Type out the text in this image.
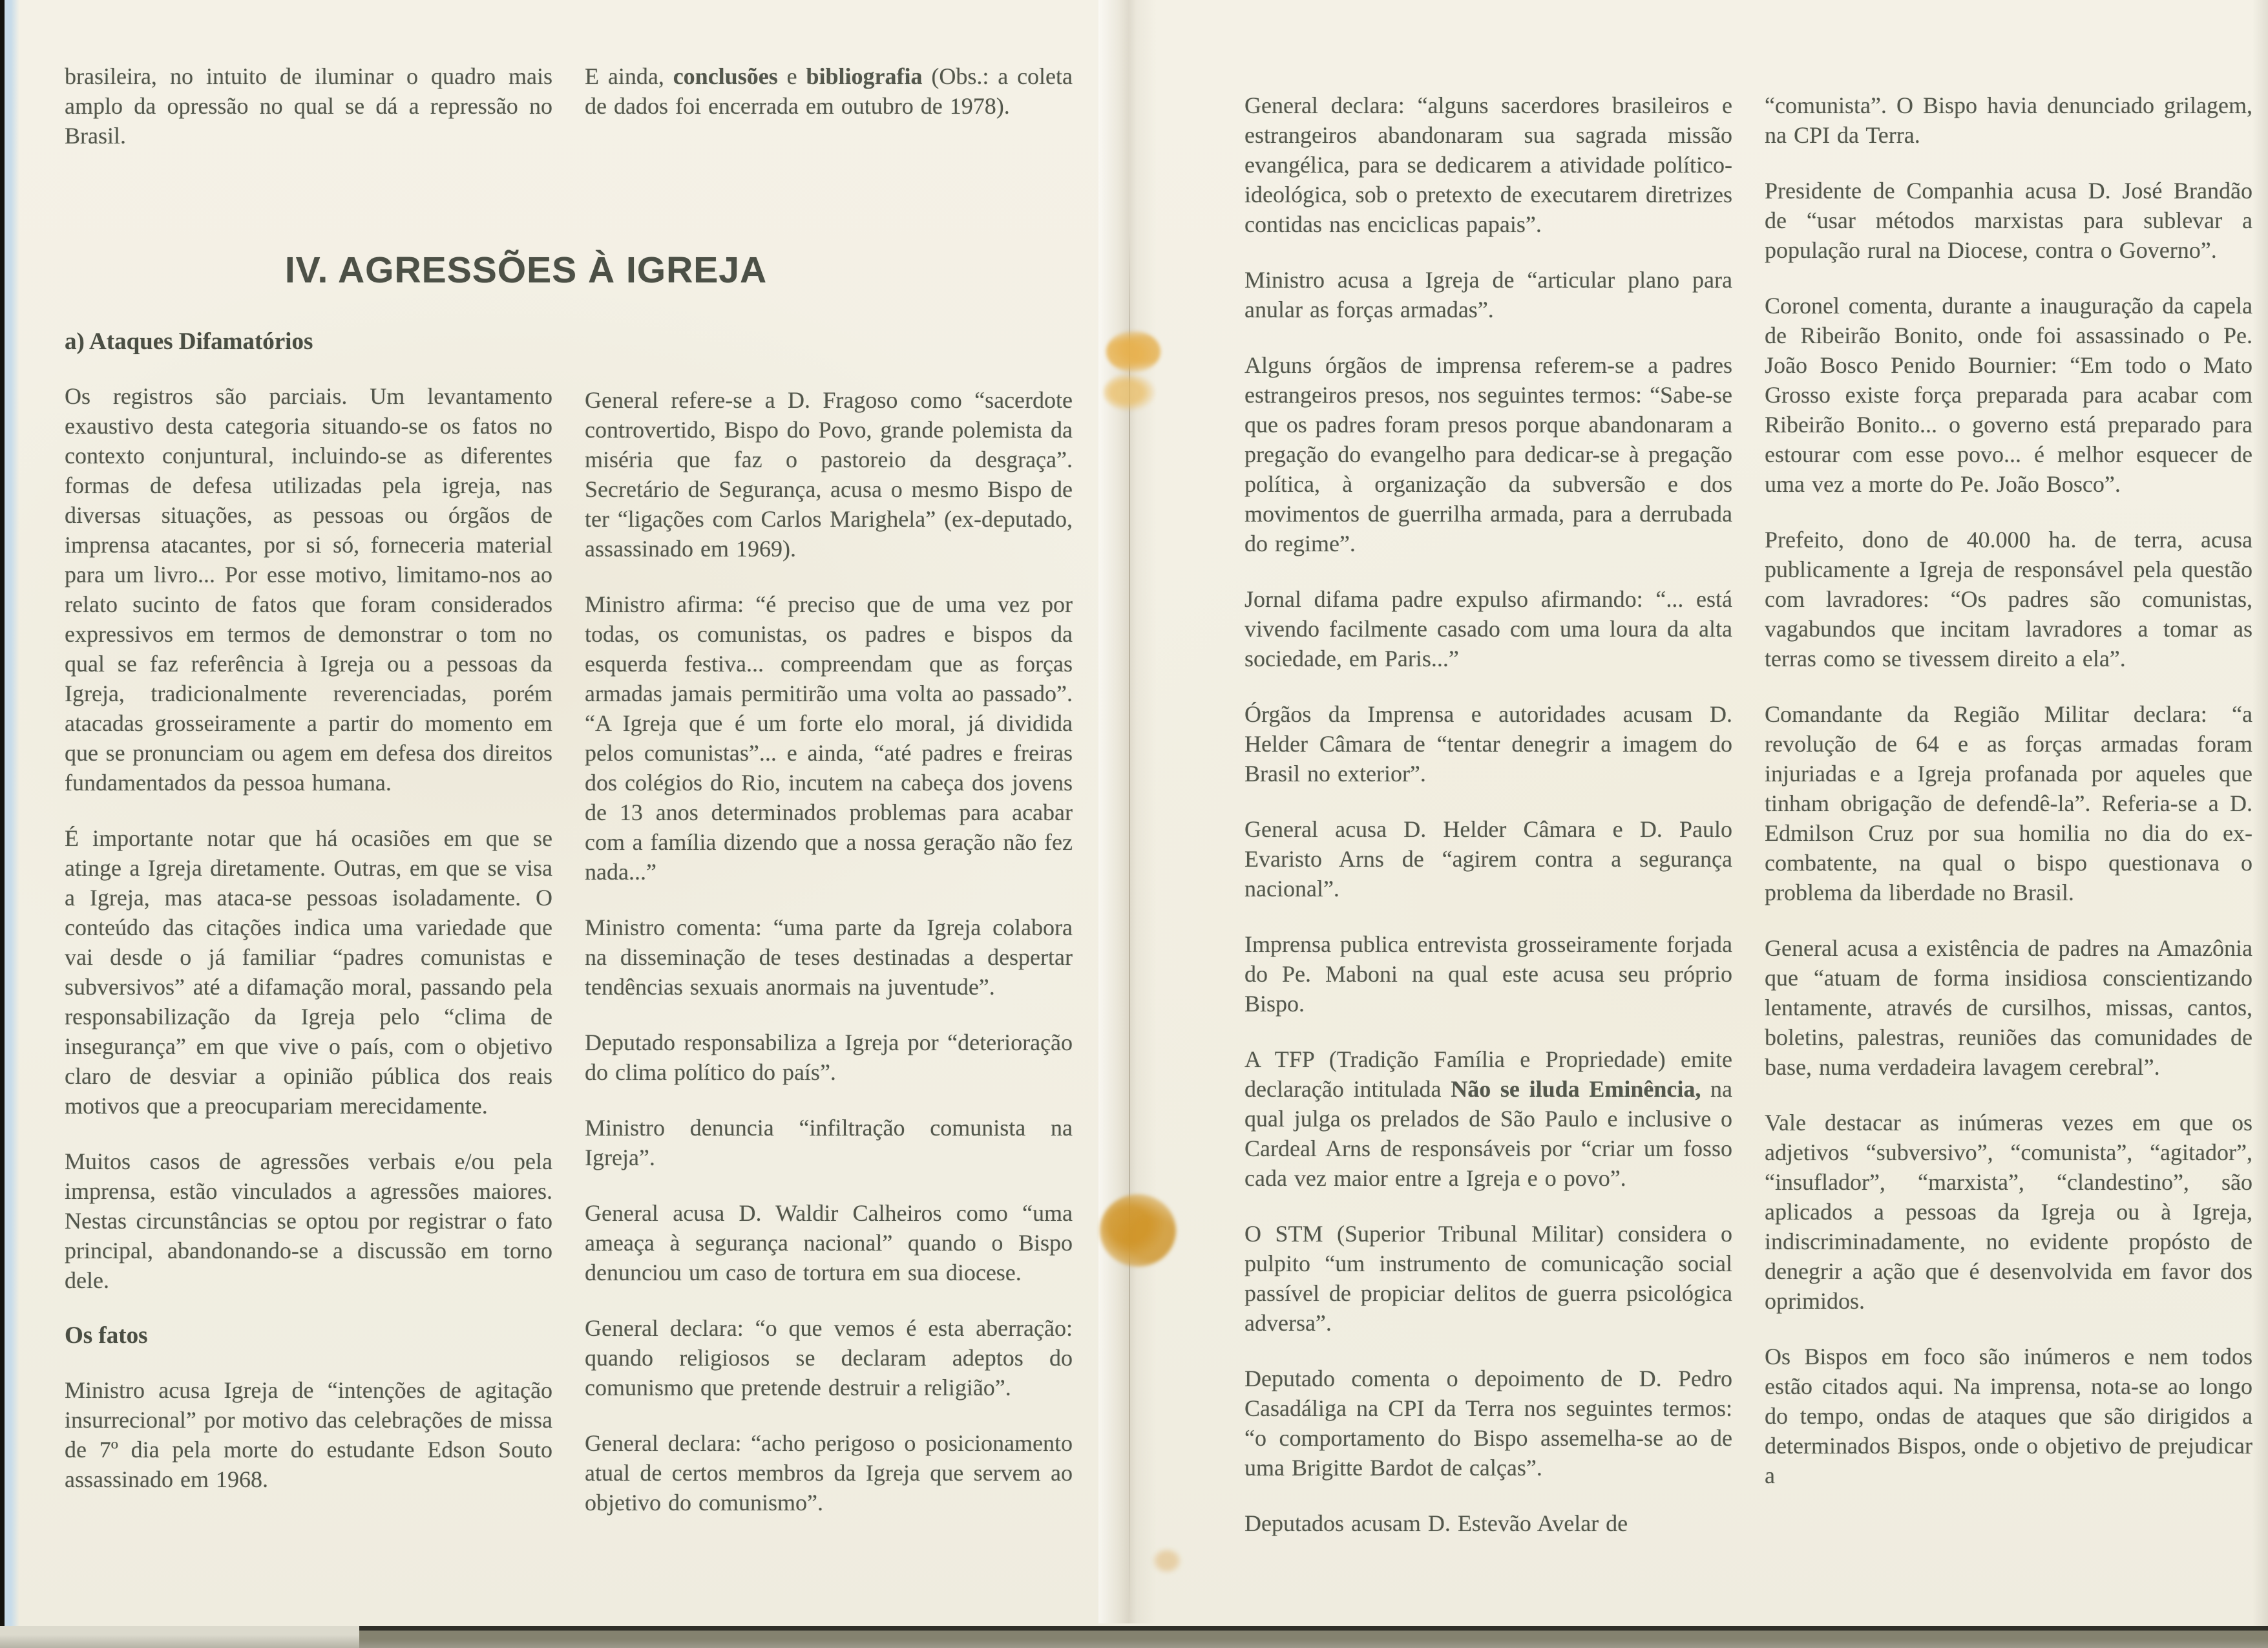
brasileira, no intuito de iluminar o quadro mais amplo da opressão no qual se dá a repressão no Brasil.

E ainda, conclusões e bibliografia (Obs.: a coleta de dados foi encerrada em outubro de 1978).

IV. AGRESSÕES À IGREJA
a) Ataques Difamatórios

Os registros são parciais. Um levantamento exaustivo desta categoria situando-se os fatos no contexto conjuntural, incluindo-se as diferentes formas de defesa utilizadas pela igreja, nas diversas situações, as pessoas ou órgãos de imprensa atacantes, por si só, forneceria material para um livro... Por esse motivo, limitamo-nos ao relato sucinto de fatos que foram considerados expressivos em termos de demonstrar o tom no qual se faz referência à Igreja ou a pessoas da Igreja, tradicionalmente reverenciadas, porém atacadas grosseiramente a partir do momento em que se pronunciam ou agem em defesa dos direitos fundamentados da pessoa humana.

É importante notar que há ocasiões em que se atinge a Igreja diretamente. Outras, em que se visa a Igreja, mas ataca-se pessoas isoladamente. O conteúdo das citações indica uma variedade que vai desde o já familiar “padres comunistas e subversivos” até a difamação moral, passando pela responsabilização da Igreja pelo “clima de insegurança” em que vive o país, com o objetivo claro de desviar a opinião pública dos reais motivos que a preocupariam merecidamente.

Muitos casos de agressões verbais e/ou pela imprensa, estão vinculados a agressões maiores. Nestas circunstâncias se optou por registrar o fato principal, abandonando-se a discussão em torno dele.

Os fatos

Ministro acusa Igreja de “intenções de agitação insurrecional” por motivo das celebrações de missa de 7º dia pela morte do estudante Edson Souto assassinado em 1968.

General refere-se a D. Fragoso como “sacerdote controvertido, Bispo do Povo, grande polemista da miséria que faz o pastoreio da desgraça”. Secretário de Segurança, acusa o mesmo Bispo de ter “ligações com Carlos Marighela” (ex-deputado, assassinado em 1969).

Ministro afirma: “é preciso que de uma vez por todas, os comunistas, os padres e bispos da esquerda festiva... compreendam que as forças armadas jamais permitirão uma volta ao passado”. “A Igreja que é um forte elo moral, já dividida pelos comunistas”... e ainda, “até padres e freiras dos colégios do Rio, incutem na cabeça dos jovens de 13 anos determinados problemas para acabar com a família dizendo que a nossa geração não fez nada...”

Ministro comenta: “uma parte da Igreja colabora na disseminação de teses destinadas a despertar tendências sexuais anormais na juventude”.

Deputado responsabiliza a Igreja por “deterioração do clima político do país”.

Ministro denuncia “infiltração comunista na Igreja”.

General acusa D. Waldir Calheiros como “uma ameaça à segurança nacional” quando o Bispo denunciou um caso de tortura em sua diocese.

General declara: “o que vemos é esta aberração: quando religiosos se declaram adeptos do comunismo que pretende destruir a religião”.

General declara: “acho perigoso o posicionamento atual de certos membros da Igreja que servem ao objetivo do comunismo”.

General declara: “alguns sacerdores brasileiros e estrangeiros abandonaram sua sagrada missão evangélica, para se dedicarem a atividade político-ideológica, sob o pretexto de executarem diretrizes contidas nas enciclicas papais”.

Ministro acusa a Igreja de “articular plano para anular as forças armadas”.

Alguns órgãos de imprensa referem-se a padres estrangeiros presos, nos seguintes termos: “Sabe-se que os padres foram presos porque abandonaram a pregação do evangelho para dedicar-se à pregação política, à organização da subversão e dos movimentos de guerrilha armada, para a derrubada do regime”.

Jornal difama padre expulso afirmando: “... está vivendo facilmente casado com uma loura da alta sociedade, em Paris...”

Órgãos da Imprensa e autoridades acusam D. Helder Câmara de “tentar denegrir a imagem do Brasil no exterior”.

General acusa D. Helder Câmara e D. Paulo Evaristo Arns de “agirem contra a segurança nacional”.

Imprensa publica entrevista grosseiramente forjada do Pe. Maboni na qual este acusa seu próprio Bispo.

A TFP (Tradição Família e Propriedade) emite declaração intitulada Não se iluda Eminência, na qual julga os prelados de São Paulo e inclusive o Cardeal Arns de responsáveis por “criar um fosso cada vez maior entre a Igreja e o povo”.

O STM (Superior Tribunal Militar) considera o pulpito “um instrumento de comunicação social passível de propiciar delitos de guerra psicológica adversa”.

Deputado comenta o depoimento de D. Pedro Casadáliga na CPI da Terra nos seguintes termos: “o comportamento do Bispo assemelha-se ao de uma Brigitte Bardot de calças”.

Deputados acusam D. Estevão Avelar de

“comunista”. O Bispo havia denunciado grilagem, na CPI da Terra.

Presidente de Companhia acusa D. José Brandão de “usar métodos marxistas para sublevar a população rural na Diocese, contra o Governo”.

Coronel comenta, durante a inauguração da capela de Ribeirão Bonito, onde foi assassinado o Pe. João Bosco Penido Bournier: “Em todo o Mato Grosso existe força preparada para acabar com Ribeirão Bonito... o governo está preparado para estourar com esse povo... é melhor esquecer de uma vez a morte do Pe. João Bosco”.

Prefeito, dono de 40.000 ha. de terra, acusa publicamente a Igreja de responsável pela questão com lavradores: “Os padres são comunistas, vagabundos que incitam lavradores a tomar as terras como se tivessem direito a ela”.

Comandante da Região Militar declara: “a revolução de 64 e as forças armadas foram injuriadas e a Igreja profanada por aqueles que tinham obrigação de defendê-la”. Referia-se a D. Edmilson Cruz por sua homilia no dia do ex-combatente, na qual o bispo questionava o problema da liberdade no Brasil.

General acusa a existência de padres na Amazônia que “atuam de forma insidiosa conscientizando lentamente, através de cursilhos, missas, cantos, boletins, palestras, reuniões das comunidades de base, numa verdadeira lavagem cerebral”.

Vale destacar as inúmeras vezes em que os adjetivos “subversivo”, “comunista”, “agitador”, “insuflador”, “marxista”, “clandestino”, são aplicados a pessoas da Igreja ou à Igreja, indiscriminadamente, no evidente propósto de denegrir a ação que é desenvolvida em favor dos oprimidos.

Os Bispos em foco são inúmeros e nem todos estão citados aqui. Na imprensa, nota-se ao longo do tempo, ondas de ataques que são dirigidos a determinados Bispos, onde o objetivo de prejudicar a
